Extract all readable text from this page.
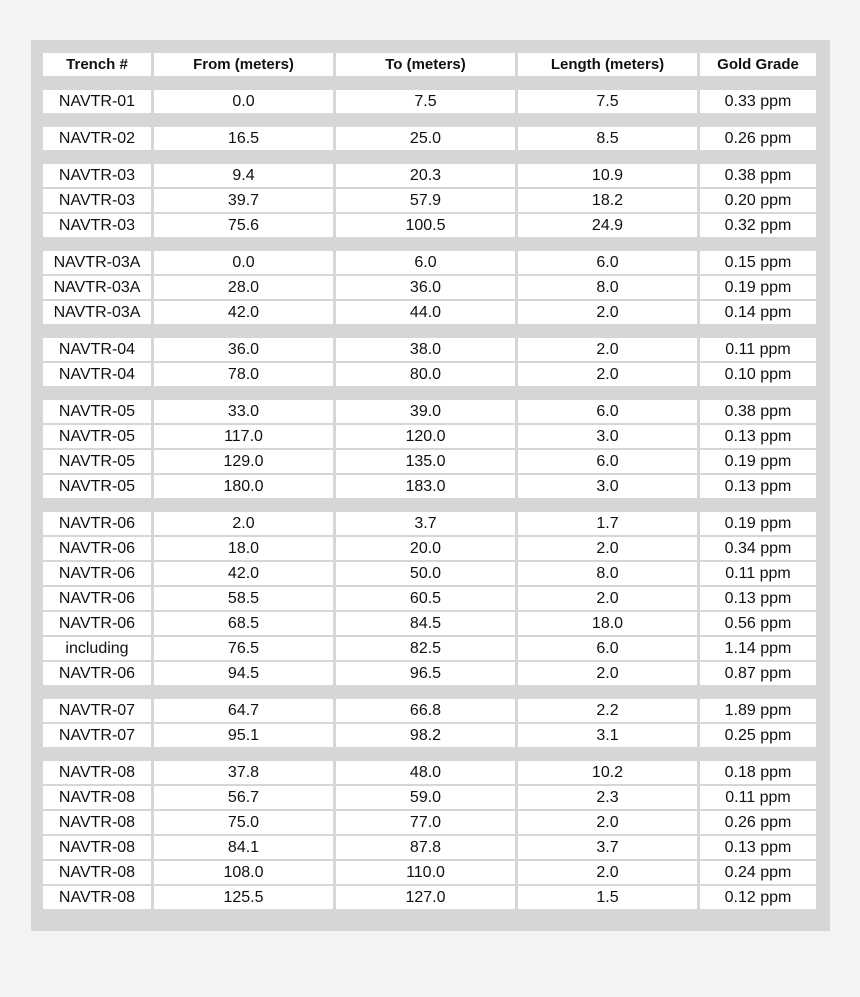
Trench #	From (meters)	To (meters)	Length (meters)	Gold Grade
NAVTR-01	0.0	7.5	7.5	0.33 ppm
NAVTR-02	16.5	25.0	8.5	0.26 ppm
NAVTR-03	9.4	20.3	10.9	0.38 ppm
NAVTR-03	39.7	57.9	18.2	0.20 ppm
NAVTR-03	75.6	100.5	24.9	0.32 ppm
NAVTR-03A	0.0	6.0	6.0	0.15 ppm
NAVTR-03A	28.0	36.0	8.0	0.19 ppm
NAVTR-03A	42.0	44.0	2.0	0.14 ppm
NAVTR-04	36.0	38.0	2.0	0.11 ppm
NAVTR-04	78.0	80.0	2.0	0.10 ppm
NAVTR-05	33.0	39.0	6.0	0.38 ppm
NAVTR-05	117.0	120.0	3.0	0.13 ppm
NAVTR-05	129.0	135.0	6.0	0.19 ppm
NAVTR-05	180.0	183.0	3.0	0.13 ppm
NAVTR-06	2.0	3.7	1.7	0.19 ppm
NAVTR-06	18.0	20.0	2.0	0.34 ppm
NAVTR-06	42.0	50.0	8.0	0.11 ppm
NAVTR-06	58.5	60.5	2.0	0.13 ppm
NAVTR-06	68.5	84.5	18.0	0.56 ppm
including	76.5	82.5	6.0	1.14 ppm
NAVTR-06	94.5	96.5	2.0	0.87 ppm
NAVTR-07	64.7	66.8	2.2	1.89 ppm
NAVTR-07	95.1	98.2	3.1	0.25 ppm
NAVTR-08	37.8	48.0	10.2	0.18 ppm
NAVTR-08	56.7	59.0	2.3	0.11 ppm
NAVTR-08	75.0	77.0	2.0	0.26 ppm
NAVTR-08	84.1	87.8	3.7	0.13 ppm
NAVTR-08	108.0	110.0	2.0	0.24 ppm
NAVTR-08	125.5	127.0	1.5	0.12 ppm
